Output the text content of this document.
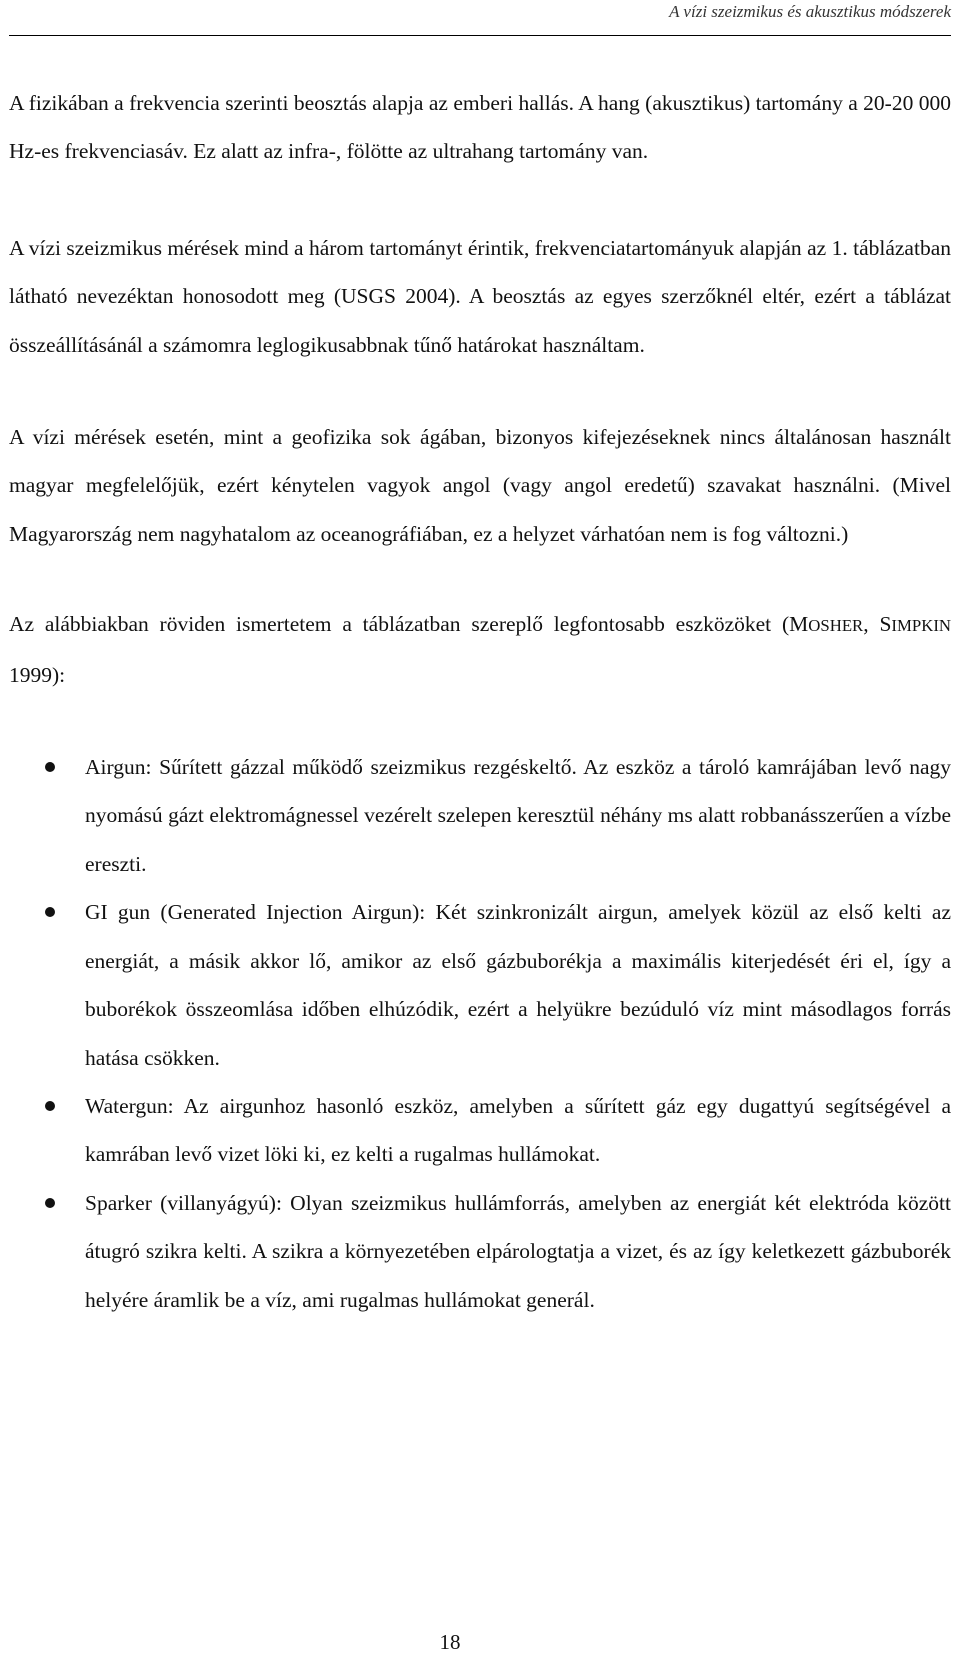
A vízi szeizmikus és akusztikus módszerek

A fizikában a frekvencia szerinti beosztás alapja az emberi hallás. A hang (akusztikus) tartomány a 20-20 000 Hz-es frekvenciasáv. Ez alatt az infra-, fölötte az ultrahang tartomány van.

A vízi szeizmikus mérések mind a három tartományt érintik, frekvenciatartományuk alapján az 1. táblázatban látható nevezéktan honosodott meg (USGS 2004). A beosztás az egyes szerzőknél eltér, ezért a táblázat összeállításánál a számomra leglogikusabbnak tűnő határokat használtam.

A vízi mérések esetén, mint a geofizika sok ágában, bizonyos kifejezéseknek nincs általánosan használt magyar megfelelőjük, ezért kénytelen vagyok angol (vagy angol eredetű) szavakat használni. (Mivel Magyarország nem nagyhatalom az oceanográfiában, ez a helyzet várhatóan nem is fog változni.)

Az alábbiakban röviden ismertetem a táblázatban szereplő legfontosabb eszközöket (MOSHER, SIMPKIN 1999):

Airgun: Sűrített gázzal működő szeizmikus rezgéskeltő. Az eszköz a tároló kamrájában levő nagy nyomású gázt elektromágnessel vezérelt szelepen keresztül néhány ms alatt robbanásszerűen a vízbe ereszti.
GI gun (Generated Injection Airgun): Két szinkronizált airgun, amelyek közül az első kelti az energiát, a másik akkor lő, amikor az első gázbuborékja a maximális kiterjedését éri el, így a buborékok összeomlása időben elhúzódik, ezért a helyükre bezúduló víz mint másodlagos forrás hatása csökken.
Watergun: Az airgunhoz hasonló eszköz, amelyben a sűrített gáz egy dugattyú segítségével a kamrában levő vizet löki ki, ez kelti a rugalmas hullámokat.
Sparker (villanyágyú): Olyan szeizmikus hullámforrás, amelyben az energiát két elektróda között átugró szikra kelti. A szikra a környezetében elpárologtatja a vizet, és az így keletkezett gázbuborék helyére áramlik be a víz, ami rugalmas hullámokat generál.
18
